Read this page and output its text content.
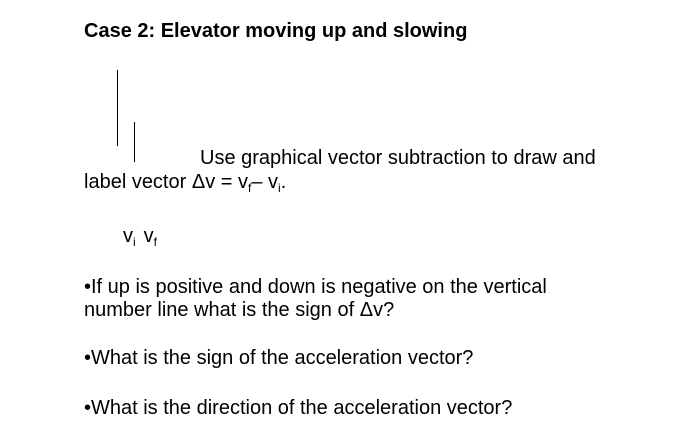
Case 2: Elevator moving up and slowing
Use graphical vector subtraction to draw and
label vector $\Delta v = v_f-$ $v_i$.
$v_i$ $v_f$
•If up is positive and down is negative on the vertical
number line what is the sign of Δv?
•What is the sign of the acceleration vector?
•What is the direction of the acceleration vector?
